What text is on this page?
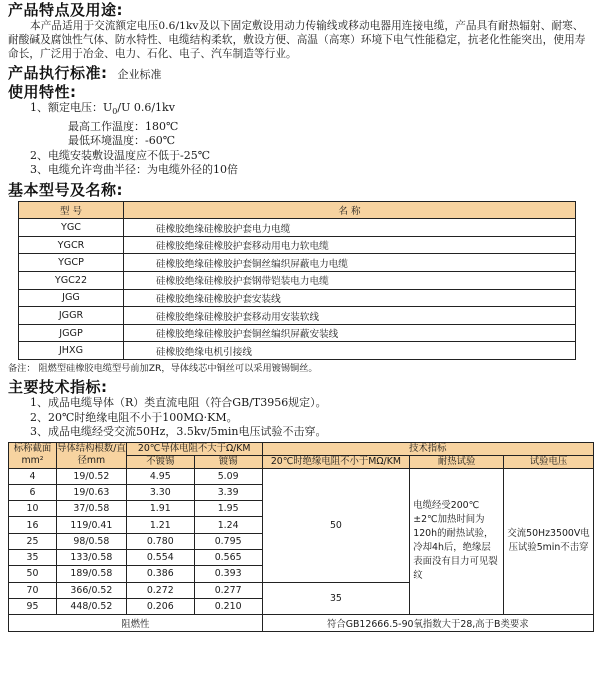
产品特点及用途:

本产品适用于交流额定电压0.6/1kv及以下固定敷设用动力传输线或移动电器用连接电缆，产品具有耐热辐射、耐寒、耐酸碱及腐蚀性气体、防水特性、电缆结构柔软，敷设方便、高温（高寒）环境下电气性能稳定，抗老化性能突出，使用寿命长，广泛用于冶金、电力、石化、电子、汽车制造等行业。

产品执行标准: 企业标准
使用特性:
1、额定电压：$U_0/U$ 0.6/1kv
最高工作温度：180℃
最低环境温度：-60℃
2、电缆安装敷设温度应不低于-25℃
3、电缆允许弯曲半径：为电缆外径的10倍
基本型号及名称:
型 号	名 称
YGC	硅橡胶绝缘硅橡胶护套电力电缆
YGCR	硅橡胶绝缘硅橡胶护套移动用电力软电缆
YGCP	硅橡胶绝缘硅橡胶护套铜丝编织屏蔽电力电缆
YGC22	硅橡胶绝缘硅橡胶护套钢带铠装电力电缆
JGG	硅橡胶绝缘硅橡胶护套安装线
JGGR	硅橡胶绝缘硅橡胶护套移动用安装软线
JGGP	硅橡胶绝缘硅橡胶护套铜丝编织屏蔽安装线
JHXG	硅橡胶绝缘电机引接线
备注： 阻燃型硅橡胶电缆型号前加ZR，导体线芯中铜丝可以采用镀锡铜丝。
主要技术指标:
1、成品电缆导体（R）类直流电阻（符合GB/T3956规定）。
2、20℃时绝缘电阻不小于100MΩ·KM。
3、成品电缆经受交流50Hz，3.5kv/5min电压试验不击穿。
标称截面
mm²	导体结构根数/直径mm	20℃导体电阻不大于Ω/KM		技术指标		
		不镀锡	镀锡	20℃时绝缘电阻不小于MΩ/KM	耐热试验	试验电压
4	19/0.52	4.95	5.09	50	电缆经受200℃±2℃加热时间为120h的耐热试验，冷却4h后，绝缘层表面没有目力可见裂纹	交流50Hz3500V电压试验5min不击穿
6	19/0.63	3.30	3.39			
10	37/0.58	1.91	1.95			
16	119/0.41	1.21	1.24			
25	98/0.58	0.780	0.795			
35	133/0.58	0.554	0.565			
50	189/0.58	0.386	0.393			
70	366/0.52	0.272	0.277	35		
95	448/0.52	0.206	0.210			
阻燃性				符合GB12666.5-90氧指数大于28,高于B类要求		
